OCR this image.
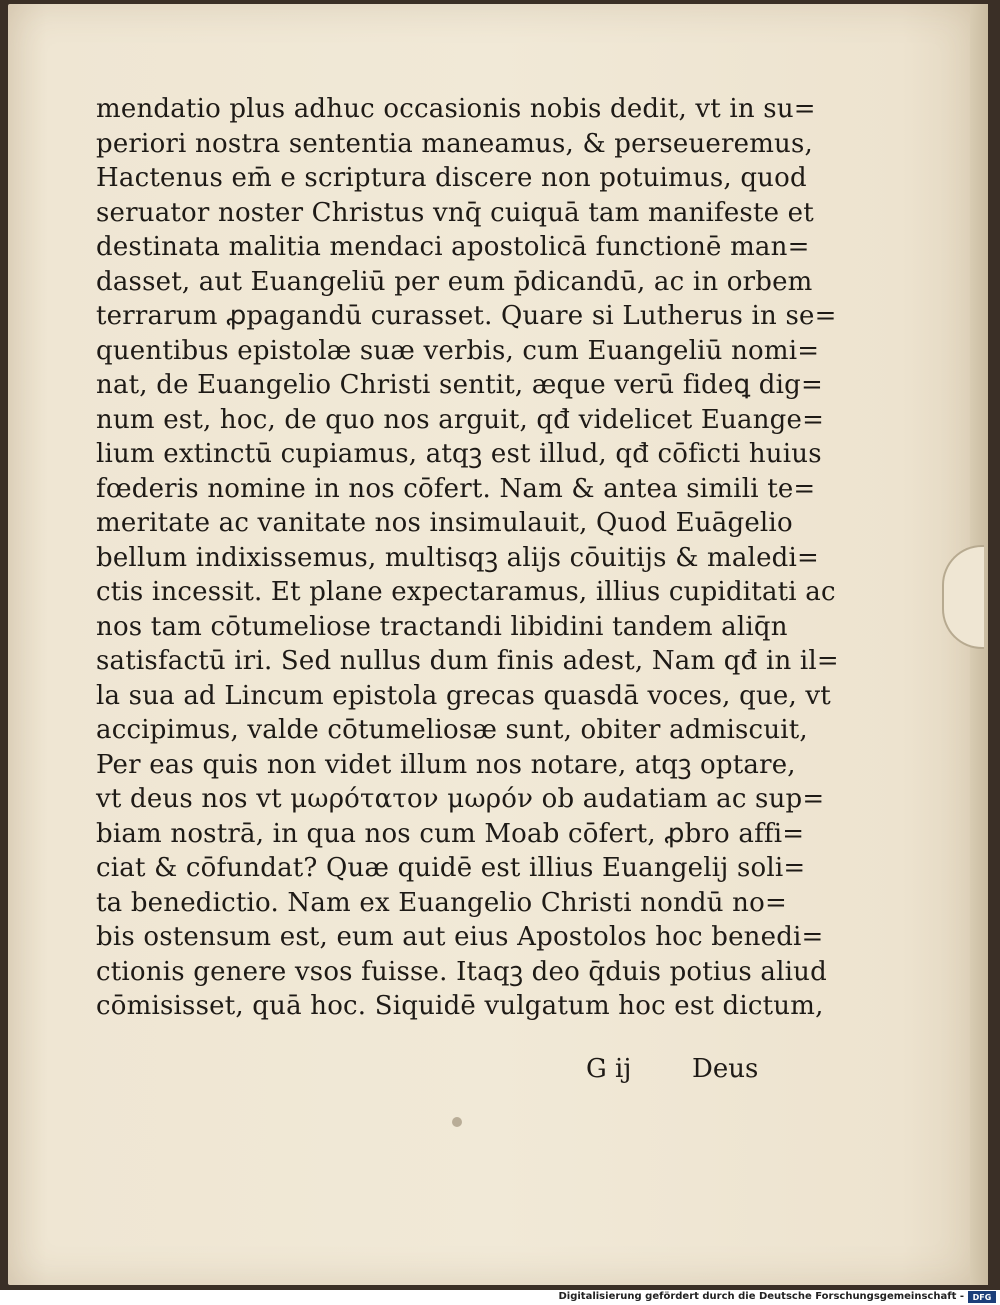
mendatio plus adhuc occasionis nobis dedit, vt in su=
periori nostra sententia maneamus, & perseueremus,
Hactenus em̄ e scriptura discere non potuimus, quod
seruator noster Christus vnq̄ cuiquā tam manifeste et
destinata malitia mendaci apostolicā functionē man=
dasset, aut Euangeliū per eum p̄dicandū, ac in orbem
terrarum ꝓpagandū curasset. Quare si Lutherus in se=
quentibus epistolæ suæ verbis, cum Euangeliū nomi=
nat, de Euangelio Christi sentit, æque verū fideꝗ dig=
num est, hoc, de quo nos arguit, qđ videlicet Euange=
lium extinctū cupiamus, atqꝫ est illud, qđ cōficti huius
fœderis nomine in nos cōfert. Nam & antea simili te=
meritate ac vanitate nos insimulauit, Quod Euāgelio
bellum indixissemus, multisqꝫ alijs cōuitijs & maledi=
ctis incessit. Et plane expectaramus, illius cupiditati ac
nos tam cōtumeliose tractandi libidini tandem aliq̄n
satisfactū iri. Sed nullus dum finis adest, Nam qđ in il=
la sua ad Lincum epistola grecas quasdā voces, que, vt
accipimus, valde cōtumeliosæ sunt, obiter admiscuit,
Per eas quis non videt illum nos notare, atqꝫ optare,
vt deus nos vt μωρότατον μωρόν ob audatiam ac sup=
biam nostrā, in qua nos cum Moab cōfert, ꝓbro affi=
ciat & cōfundat? Quæ quidē est illius Euangelij soli=
ta benedictio. Nam ex Euangelio Christi nondū no=
bis ostensum est, eum aut eius Apostolos hoc benedi=
ctionis genere vsos fuisse. Itaqꝫ deo q̄duis potius aliud
cōmisisset, quā hoc. Siquidē vulgatum hoc est dictum,
G ij Deus
Digitalisierung gefördert durch die Deutsche Forschungsgemeinschaft -	DFG
